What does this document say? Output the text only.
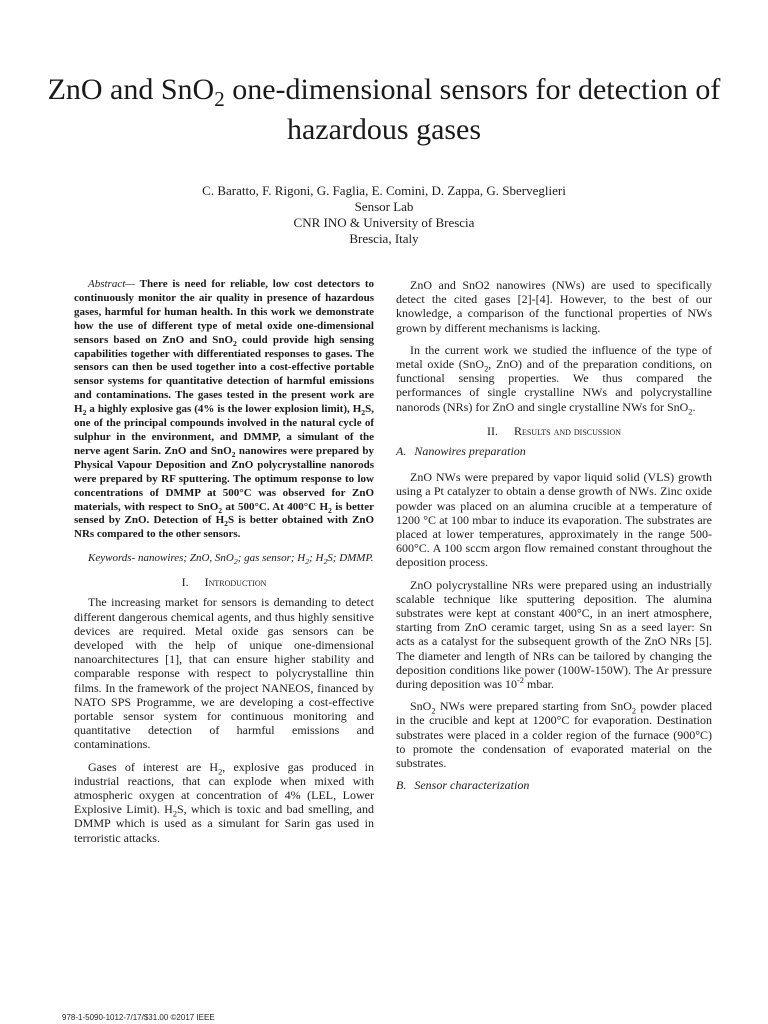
ZnO and SnO$_2$ one-dimensional sensors for detection of hazardous gases
C. Baratto, F. Rigoni, G. Faglia, E. Comini, D. Zappa, G. Sberveglieri
Sensor Lab
CNR INO & University of Brescia
Brescia, Italy

Abstract— There is need for reliable, low cost detectors to continuously monitor the air quality in presence of hazardous gases, harmful for human health. In this work we demonstrate how the use of different type of metal oxide one-dimensional sensors based on ZnO and SnO$_2$ could provide high sensing capabilities together with differentiated responses to gases. The sensors can then be used together into a cost-effective portable sensor systems for quantitative detection of harmful emissions and contaminations. The gases tested in the present work are $H_2$ a highly explosive gas (4% is the lower explosion limit), $H_2S$, one of the principal compounds involved in the natural cycle of sulphur in the environment, and DMMP, a simulant of the nerve agent Sarin. ZnO and SnO$_2$ nanowires were prepared by Physical Vapour Deposition and ZnO polycrystalline nanorods were prepared by RF sputtering. The optimum response to low concentrations of DMMP at 500°C was observed for ZnO materials, with respect to SnO$_2$ at 500°C. At 400°C $H_2$ is better sensed by ZnO. Detection of $H_2S$ is better obtained with ZnO NRs compared to the other sensors.

Keywords- nanowires; ZnO, SnO$_2$; gas sensor; $H_2$; $H_2S$; DMMP.

I. Introduction

The increasing market for sensors is demanding to detect different dangerous chemical agents, and thus highly sensitive devices are required. Metal oxide gas sensors can be developed with the help of unique one-dimensional nanoarchitectures [1], that can ensure higher stability and comparable response with respect to polycrystalline thin films. In the framework of the project NANEOS, financed by NATO SPS Programme, we are developing a cost-effective portable sensor system for continuous monitoring and quantitative detection of harmful emissions and contaminations.

Gases of interest are $H_2$, explosive gas produced in industrial reactions, that can explode when mixed with atmospheric oxygen at concentration of 4% (LEL, Lower Explosive Limit). $H_2S$, which is toxic and bad smelling, and DMMP which is used as a simulant for Sarin gas used in terroristic attacks.

ZnO and SnO2 nanowires (NWs) are used to specifically detect the cited gases [2]-[4]. However, to the best of our knowledge, a comparison of the functional properties of NWs grown by different mechanisms is lacking.

In the current work we studied the influence of the type of metal oxide (SnO$_2$, ZnO) and of the preparation conditions, on functional sensing properties. We thus compared the performances of single crystalline NWs and polycrystalline nanorods (NRs) for ZnO and single crystalline NWs for SnO$_2$.

II. Results and discussion
A. Nanowires preparation

ZnO NWs were prepared by vapor liquid solid (VLS) growth using a Pt catalyzer to obtain a dense growth of NWs. Zinc oxide powder was placed on an alumina crucible at a temperature of 1200 °C at 100 mbar to induce its evaporation. The substrates are placed at lower temperatures, approximately in the range 500-600°C. A 100 sccm argon flow remained constant throughout the deposition process.

ZnO polycrystalline NRs were prepared using an industrially scalable technique like sputtering deposition. The alumina substrates were kept at constant 400°C, in an inert atmosphere, starting from ZnO ceramic target, using Sn as a seed layer: Sn acts as a catalyst for the subsequent growth of the ZnO NRs [5]. The diameter and length of NRs can be tailored by changing the deposition conditions like power (100W-150W). The Ar pressure during deposition was $10^{-2}$ mbar.

SnO$_2$ NWs were prepared starting from SnO$_2$ powder placed in the crucible and kept at 1200°C for evaporation. Destination substrates were placed in a colder region of the furnace (900°C) to promote the condensation of evaporated material on the substrates.

B. Sensor characterization
978-1-5090-1012-7/17/$31.00 ©2017 IEEE
